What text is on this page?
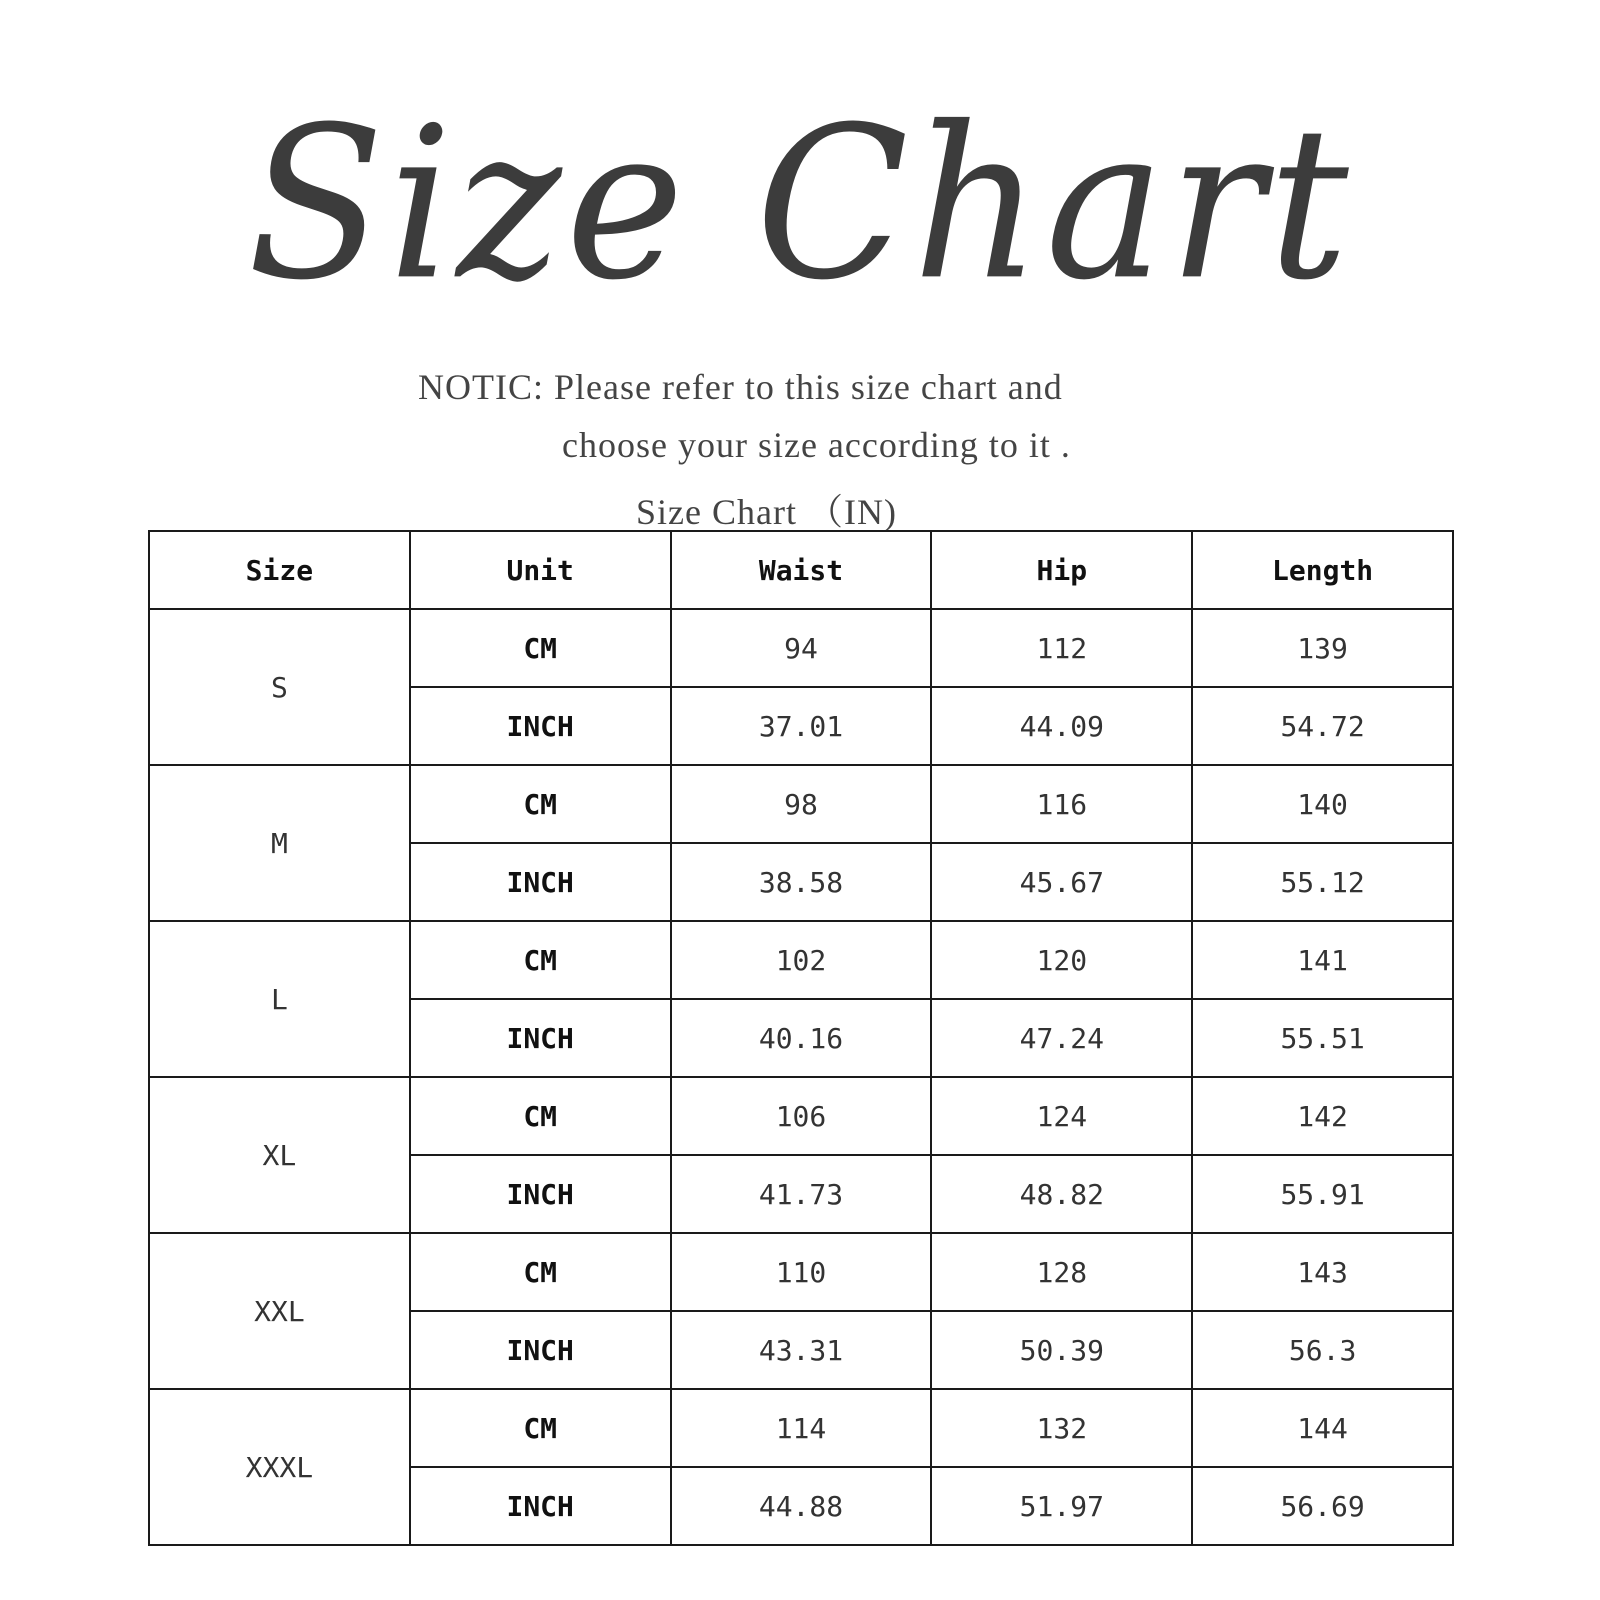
Size Chart
NOTIC: Please refer to this size chart and
choose your size according to it .
Size Chart （IN)
Size	Unit	Waist	Hip	Length
S	CM	94	112	139
	INCH	37.01	44.09	54.72
M	CM	98	116	140
	INCH	38.58	45.67	55.12
L	CM	102	120	141
	INCH	40.16	47.24	55.51
XL	CM	106	124	142
	INCH	41.73	48.82	55.91
XXL	CM	110	128	143
	INCH	43.31	50.39	56.3
XXXL	CM	114	132	144
	INCH	44.88	51.97	56.69
